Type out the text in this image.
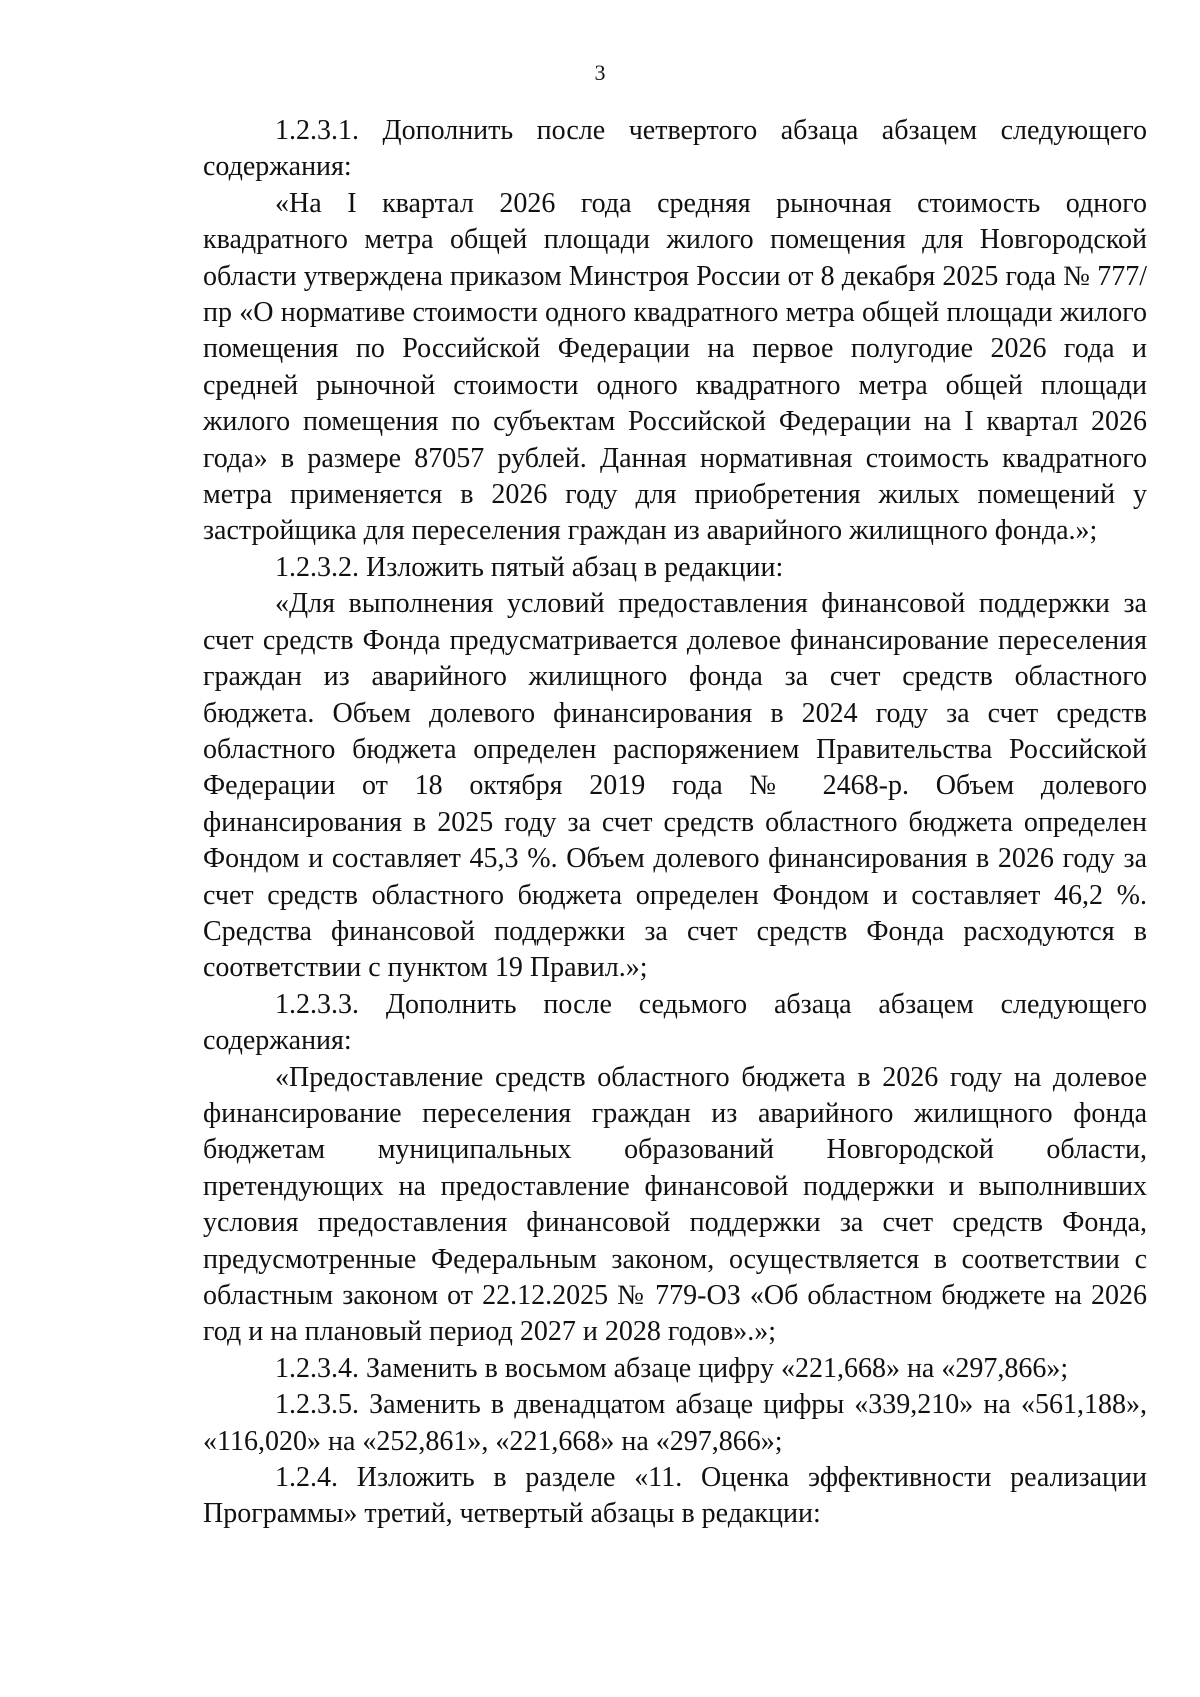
3

1.2.3.1. Дополнить после четвертого абзаца абзацем следующего содержания:

«На I квартал 2026 года средняя рыночная стоимость одного квадратного метра общей площади жилого помещения для Новгородской области утверждена приказом Минстроя России от 8 декабря 2025 года № 777/пр «О нормативе стоимости одного квадратного метра общей площади жилого помещения по Российской Федерации на первое полугодие 2026 года и средней рыночной стоимости одного квадратного метра общей площади жилого помещения по субъектам Российской Федерации на I квартал 2026 года» в размере 87057 рублей. Данная нормативная стоимость квадратного метра применяется в 2026 году для приобретения жилых помещений у застройщика для переселения граждан из аварийного жилищного фонда.»;

1.2.3.2. Изложить пятый абзац в редакции:

«Для выполнения условий предоставления финансовой поддержки за счет средств Фонда предусматривается долевое финансирование переселения граждан из аварийного жилищного фонда за счет средств областного бюджета. Объем долевого финансирования в 2024 году за счет средств областного бюджета определен распоряжением Правительства Российской Федерации от 18 октября 2019 года № 2468-р. Объем долевого финансирования в 2025 году за счет средств областного бюджета определен Фондом и составляет 45,3 %. Объем долевого финансирования в 2026 году за счет средств областного бюджета определен Фондом и составляет 46,2 %. Средства финансовой поддержки за счет средств Фонда расходуются в соответствии с пунктом 19 Правил.»;

1.2.3.3. Дополнить после седьмого абзаца абзацем следующего содержания:

«Предоставление средств областного бюджета в 2026 году на долевое финансирование переселения граждан из аварийного жилищного фонда бюджетам муниципальных образований Новгородской области, претендующих на предоставление финансовой поддержки и выполнивших условия предоставления финансовой поддержки за счет средств Фонда, предусмотренные Федеральным законом, осуществляется в соответствии с областным законом от 22.12.2025 № 779-ОЗ «Об областном бюджете на 2026 год и на плановый период 2027 и 2028 годов».»;

1.2.3.4. Заменить в восьмом абзаце цифру «221,668» на «297,866»;

1.2.3.5. Заменить в двенадцатом абзаце цифры «339,210» на «561,188», «116,020» на «252,861», «221,668» на «297,866»;

1.2.4. Изложить в разделе «11. Оценка эффективности реализации Программы» третий, четвертый абзацы в редакции:
